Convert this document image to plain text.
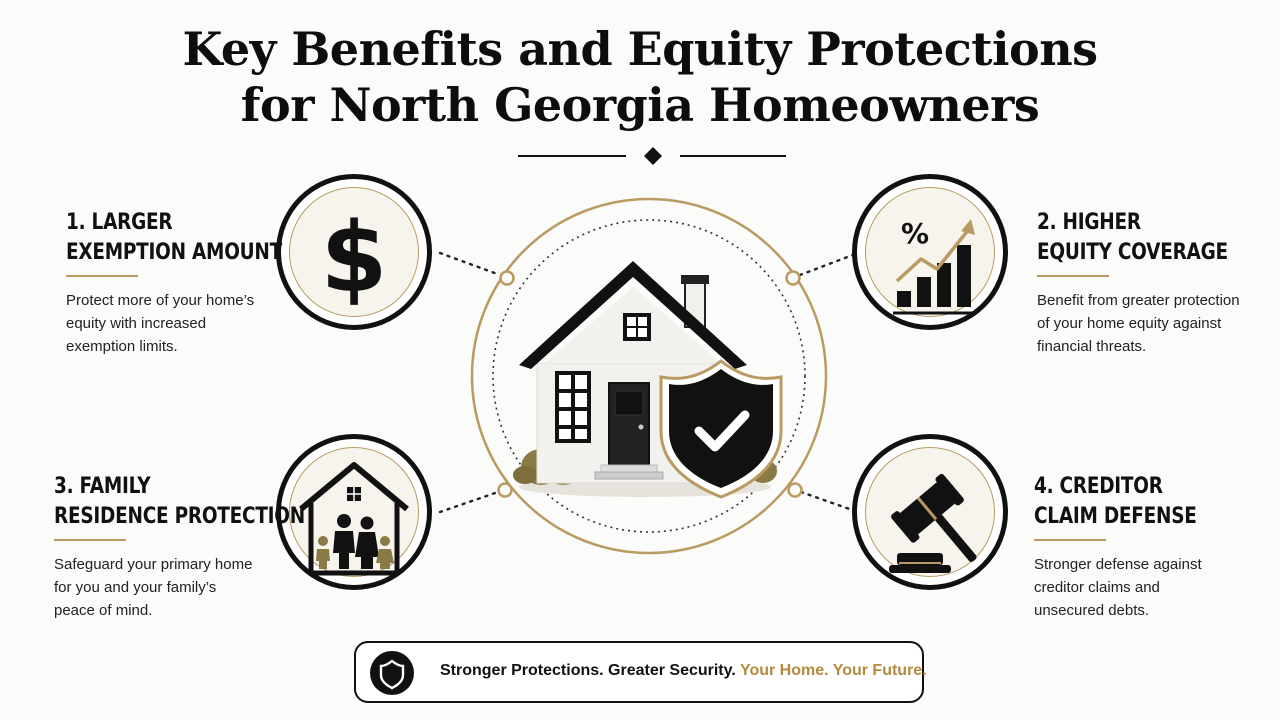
Key Benefits and Equity Protections
for North Georgia Homeowners
$	%
1. LARGER
EXEMPTION AMOUNT
Protect more of your home’s
equity with increased
exemption limits.
2. HIGHER
EQUITY COVERAGE
Benefit from greater protection
of your home equity against
financial threats.
3. FAMILY
RESIDENCE PROTECTION
Safeguard your primary home
for you and your family’s
peace of mind.
4. CREDITOR
CLAIM DEFENSE
Stronger defense against
creditor claims and
unsecured debts.
Stronger Protections. Greater Security. Your Home. Your Future.
